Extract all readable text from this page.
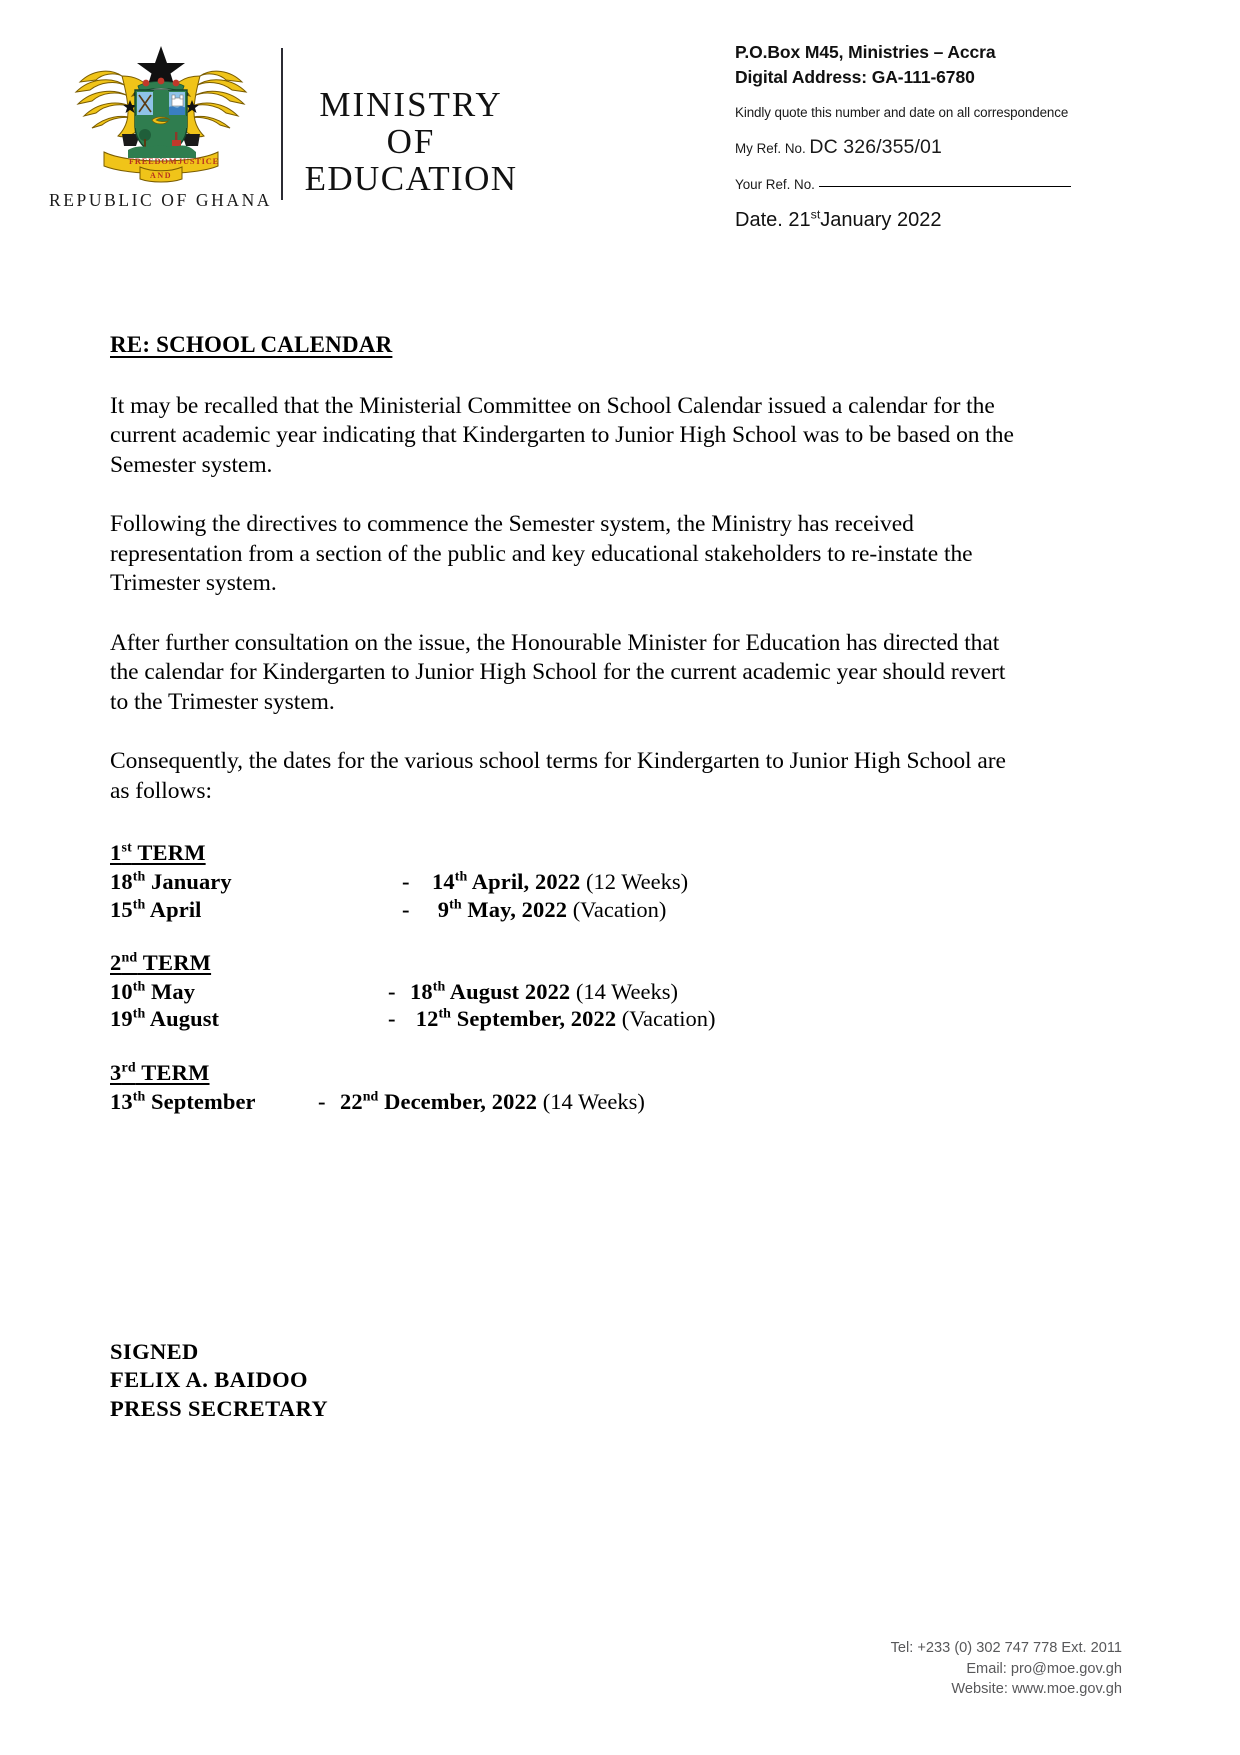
FREEDOM JUSTICE
AND
REPUBLIC OF GHANA
MINISTRY
OF
EDUCATION
P.O.Box M45, Ministries – Accra
Digital Address: GA-111-6780
Kindly quote this number and date on all correspondence
My Ref. No. DC 326/355/01
Your Ref. No.
Date. 21stJanuary 2022
RE: SCHOOL CALENDAR

It may be recalled that the Ministerial Committee on School Calendar issued a calendar for the current academic year indicating that Kindergarten to Junior High School was to be based on the Semester system.

Following the directives to commence the Semester system, the Ministry has received representation from a section of the public and key educational stakeholders to re-instate the Trimester system.

After further consultation on the issue, the Honourable Minister for Education has directed that the calendar for Kindergarten to Junior High School for the current academic year should revert to the Trimester system.

Consequently, the dates for the various school terms for Kindergarten to Junior High School are as follows:

1st TERM
18th January	- 14th April, 2022 (12 Weeks)
15th April	- 9th May, 2022 (Vacation)
2nd TERM
10th May	- 18th August 2022 (14 Weeks)
19th August	- 12th September, 2022 (Vacation)
3rd TERM
13th September	- 22nd December, 2022 (14 Weeks)
SIGNED
FELIX A. BAIDOO
PRESS SECRETARY
Tel: +233 (0) 302 747 778 Ext. 2011
Email: pro@moe.gov.gh
Website: www.moe.gov.gh
